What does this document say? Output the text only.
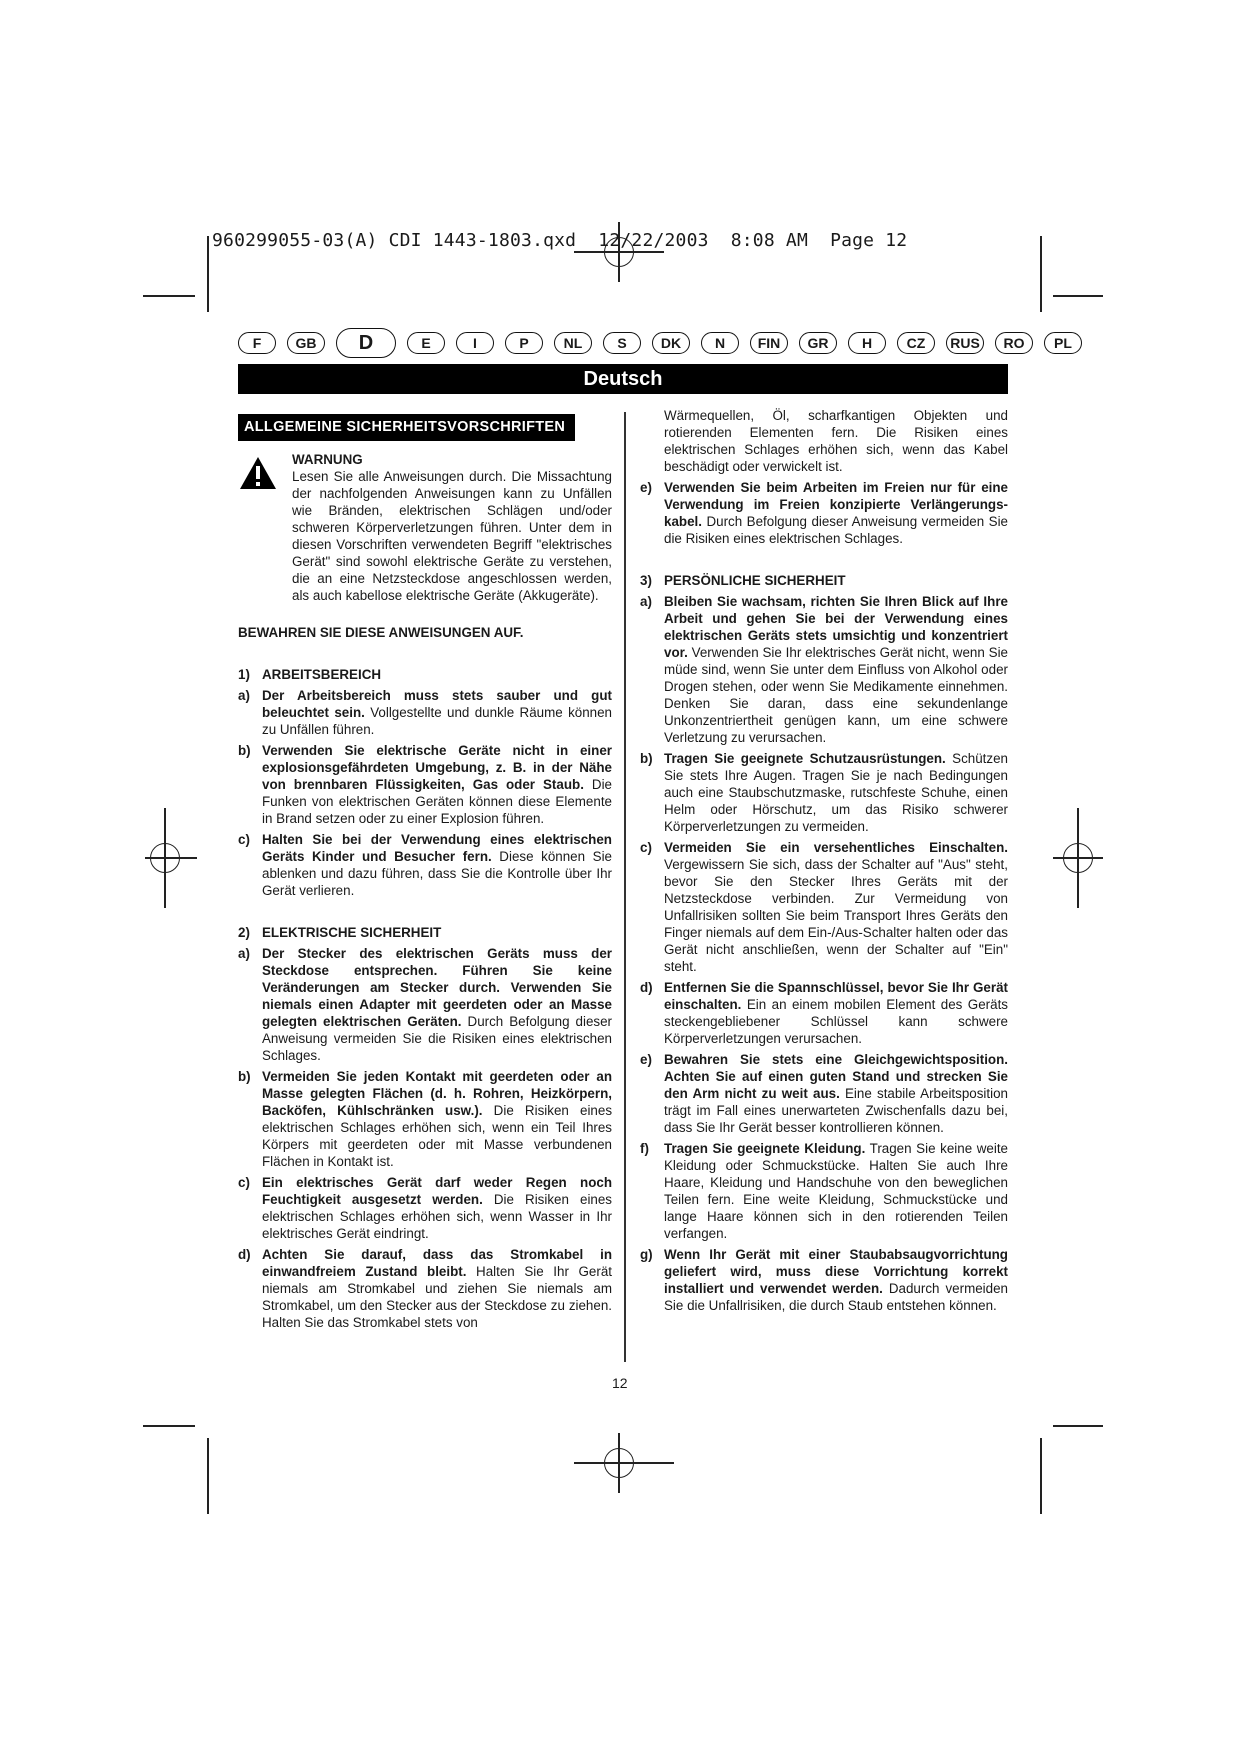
960299055-03(A) CDI 1443-1803.qxd  12/22/2003  8:08 AM  Page 12
F	GB	D	E	I	P	NL	S	DK	N	FIN	GR	H	CZ	RUS	RO	PL
Deutsch
ALLGEMEINE SICHERHEITSVORSCHRIFTEN
WARNUNG

Lesen Sie alle Anweisungen durch. Die Missachtung der nachfolgenden Anweisungen kann zu Unfällen wie Bränden, elektrischen Schlägen und/oder schweren Körperverletzungen führen. Unter dem in diesen Vorschriften verwendeten Begriff "elektrisches Gerät" sind sowohl elektrische Geräte zu verstehen, die an eine Netzsteckdose angeschlossen werden, als auch kabellose elektrische Geräte (Akkugeräte).

BEWAHREN SIE DIESE ANWEISUNGEN AUF.
1) ARBEITSBEREICH
a) Der Arbeitsbereich muss stets sauber und gut beleuchtet sein. Vollgestellte und dunkle Räume können zu Unfällen führen.
b) Verwenden Sie elektrische Geräte nicht in einer explosionsgefährdeten Umgebung, z. B. in der Nähe von brennbaren Flüssigkeiten, Gas oder Staub. Die Funken von elektrischen Geräten können diese Elemente in Brand setzen oder zu einer Explosion führen.
c) Halten Sie bei der Verwendung eines elektrischen Geräts Kinder und Besucher fern. Diese können Sie ablenken und dazu führen, dass Sie die Kontrolle über Ihr Gerät verlieren.
2) ELEKTRISCHE SICHERHEIT
a) Der Stecker des elektrischen Geräts muss der Steckdose entsprechen. Führen Sie keine Veränderungen am Stecker durch. Verwenden Sie niemals einen Adapter mit geerdeten oder an Masse gelegten elektrischen Geräten. Durch Befolgung dieser Anweisung vermeiden Sie die Risiken eines elektrischen Schlages.
b) Vermeiden Sie jeden Kontakt mit geerdeten oder an Masse gelegten Flächen (d. h. Rohren, Heizkörpern, Backöfen, Kühlschränken usw.). Die Risiken eines elektrischen Schlages erhöhen sich, wenn ein Teil Ihres Körpers mit geerdeten oder mit Masse verbundenen Flächen in Kontakt ist.
c) Ein elektrisches Gerät darf weder Regen noch Feuchtigkeit ausgesetzt werden. Die Risiken eines elektrischen Schlages erhöhen sich, wenn Wasser in Ihr elektrisches Gerät eindringt.
d) Achten Sie darauf, dass das Stromkabel in einwandfreiem Zustand bleibt. Halten Sie Ihr Gerät niemals am Stromkabel und ziehen Sie niemals am Stromkabel, um den Stecker aus der Steckdose zu ziehen. Halten Sie das Stromkabel stets von
Wärmequellen, Öl, scharfkantigen Objekten und rotierenden Elementen fern. Die Risiken eines elektrischen Schlages erhöhen sich, wenn das Kabel beschädigt oder verwickelt ist.
e) Verwenden Sie beim Arbeiten im Freien nur für eine Verwendung im Freien konzipierte Verlängerungs-kabel. Durch Befolgung dieser Anweisung vermeiden Sie die Risiken eines elektrischen Schlages.
3) PERSÖNLICHE SICHERHEIT
a) Bleiben Sie wachsam, richten Sie Ihren Blick auf Ihre Arbeit und gehen Sie bei der Verwendung eines elektrischen Geräts stets umsichtig und konzentriert vor. Verwenden Sie Ihr elektrisches Gerät nicht, wenn Sie müde sind, wenn Sie unter dem Einfluss von Alkohol oder Drogen stehen, oder wenn Sie Medikamente einnehmen. Denken Sie daran, dass eine sekundenlange Unkonzentriertheit genügen kann, um eine schwere Verletzung zu verursachen.
b) Tragen Sie geeignete Schutzausrüstungen. Schützen Sie stets Ihre Augen. Tragen Sie je nach Bedingungen auch eine Staubschutzmaske, rutschfeste Schuhe, einen Helm oder Hörschutz, um das Risiko schwerer Körperverletzungen zu vermeiden.
c) Vermeiden Sie ein versehentliches Einschalten. Vergewissern Sie sich, dass der Schalter auf "Aus" steht, bevor Sie den Stecker Ihres Geräts mit der Netzsteckdose verbinden. Zur Vermeidung von Unfallrisiken sollten Sie beim Transport Ihres Geräts den Finger niemals auf dem Ein-/Aus-Schalter halten oder das Gerät nicht anschließen, wenn der Schalter auf "Ein" steht.
d) Entfernen Sie die Spannschlüssel, bevor Sie Ihr Gerät einschalten. Ein an einem mobilen Element des Geräts steckengebliebener Schlüssel kann schwere Körperverletzungen verursachen.
e) Bewahren Sie stets eine Gleichgewichtsposition. Achten Sie auf einen guten Stand und strecken Sie den Arm nicht zu weit aus. Eine stabile Arbeitsposition trägt im Fall eines unerwarteten Zwischenfalls dazu bei, dass Sie Ihr Gerät besser kontrollieren können.
f)	Tragen Sie geeignete Kleidung. Tragen Sie keine weite Kleidung oder Schmuckstücke. Halten Sie auch Ihre Haare, Kleidung und Handschuhe von den beweglichen Teilen fern. Eine weite Kleidung, Schmuckstücke und lange Haare können sich in den rotierenden Teilen verfangen.
g) Wenn Ihr Gerät mit einer Staubabsaugvorrichtung geliefert wird, muss diese Vorrichtung korrekt installiert und verwendet werden. Dadurch vermeiden Sie die Unfallrisiken, die durch Staub entstehen können.
12
